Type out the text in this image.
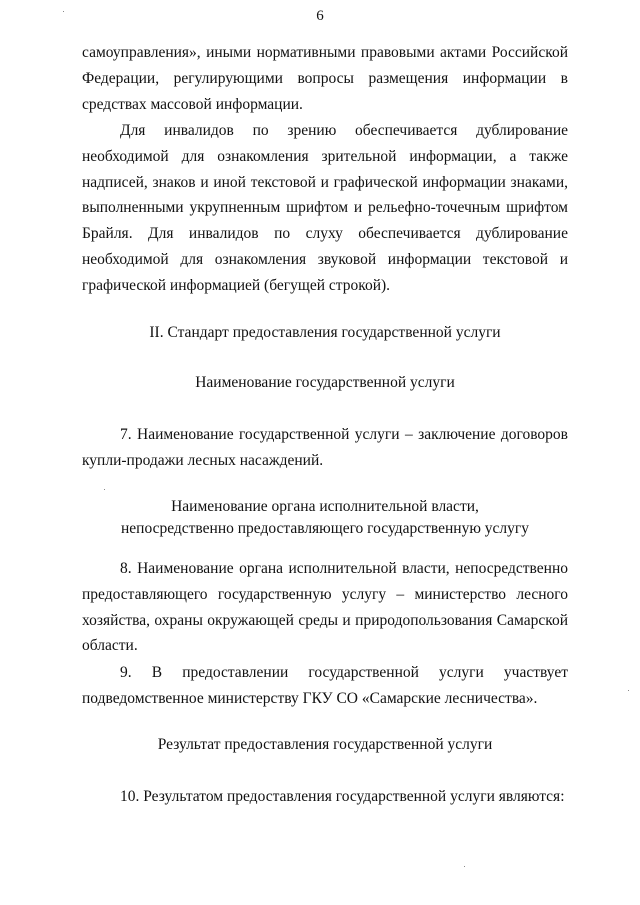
6

самоуправления», иными нормативными правовыми актами Российской Федерации, регулирующими вопросы размещения информации в средствах массовой информации.

Для инвалидов по зрению обеспечивается дублирование необходимой для ознакомления зрительной информации, а также надписей, знаков и иной текстовой и графической информации знаками, выполненными укрупненным шрифтом и рельефно-точечным шрифтом Брайля. Для инвалидов по слуху обеспечивается дублирование необходимой для ознакомления звуковой информации текстовой и графической информацией (бегущей строкой).

II. Стандарт предоставления государственной услуги
Наименование государственной услуги

7. Наименование государственной услуги – заключение договоров купли-продажи лесных насаждений.

Наименование органа исполнительной власти,
непосредственно предоставляющего государственную услугу

8. Наименование органа исполнительной власти, непосредственно предоставляющего государственную услугу – министерство лесного хозяйства, охраны окружающей среды и природопользования Самарской области.

9. В предоставлении государственной услуги участвует подведомственное министерству ГКУ СО «Самарские лесничества».

Результат предоставления государственной услуги

10. Результатом предоставления государственной услуги являются:
